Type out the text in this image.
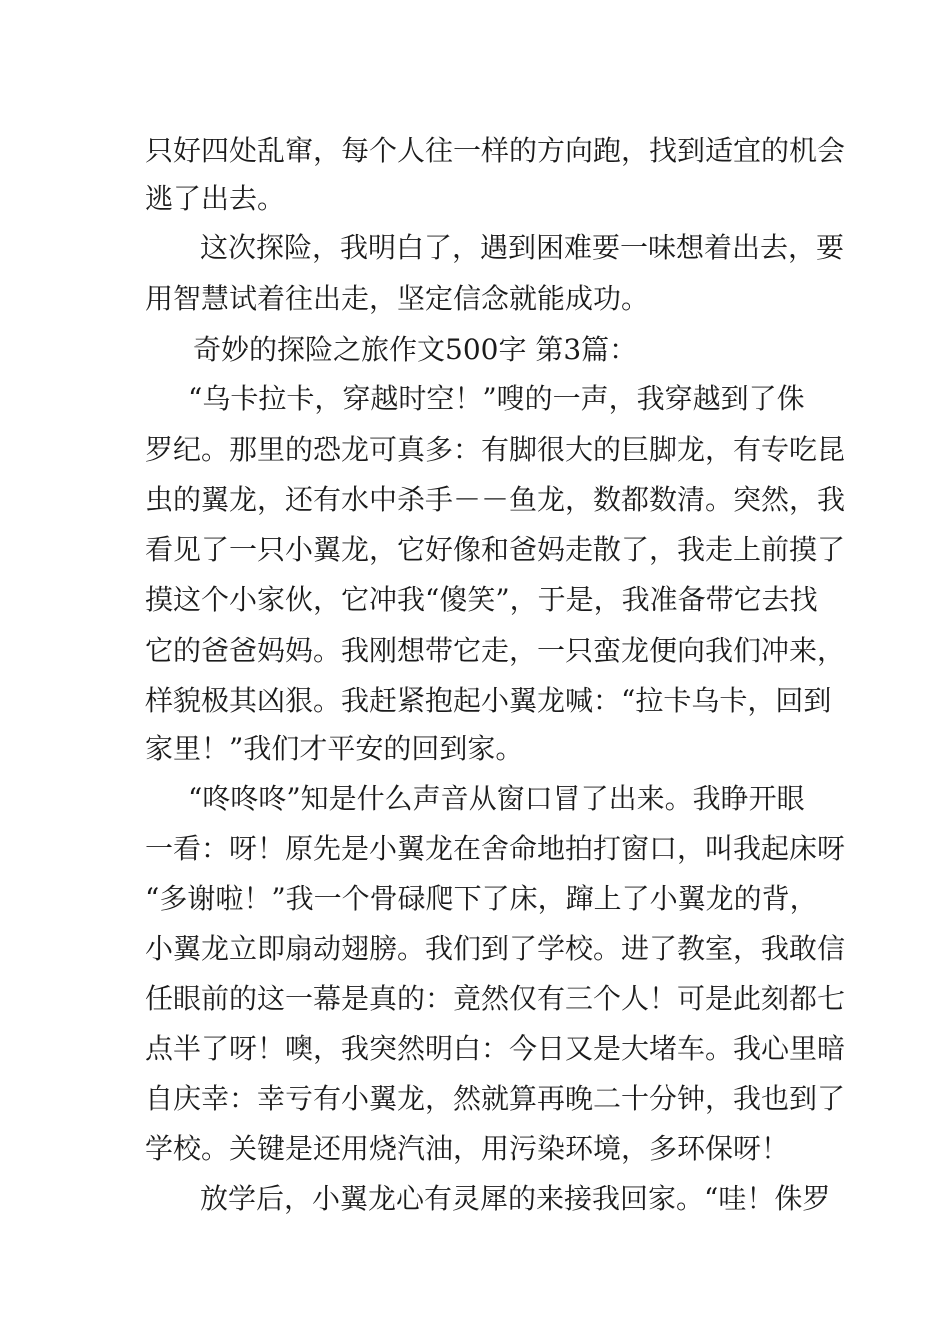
只好四处乱窜，每个人往一样的方向跑，找到适宜的机会

逃了出去。

这次探险，我明白了，遇到困难要一味想着出去，要

用智慧试着往出走，坚定信念就能成功。

奇妙的探险之旅作文500字 第3篇：

“乌卡拉卡，穿越时空！”嗖的一声，我穿越到了侏

罗纪。那里的恐龙可真多：有脚很大的巨脚龙，有专吃昆

虫的翼龙，还有水中杀手－－鱼龙，数都数清。突然，我

看见了一只小翼龙，它好像和爸妈走散了，我走上前摸了

摸这个小家伙，它冲我“傻笑”，于是，我准备带它去找

它的爸爸妈妈。我刚想带它走，一只蛮龙便向我们冲来，

样貌极其凶狠。我赶紧抱起小翼龙喊：“拉卡乌卡，回到

家里！”我们才平安的回到家。

“咚咚咚”知是什么声音从窗口冒了出来。我睁开眼

一看：呀！原先是小翼龙在舍命地拍打窗口，叫我起床呀

“多谢啦！”我一个骨碌爬下了床，蹿上了小翼龙的背，

小翼龙立即扇动翅膀。我们到了学校。进了教室，我敢信

任眼前的这一幕是真的：竟然仅有三个人！可是此刻都七

点半了呀！噢，我突然明白：今日又是大堵车。我心里暗

自庆幸：幸亏有小翼龙，然就算再晚二十分钟，我也到了

学校。关键是还用烧汽油，用污染环境，多环保呀！

放学后，小翼龙心有灵犀的来接我回家。“哇！侏罗
